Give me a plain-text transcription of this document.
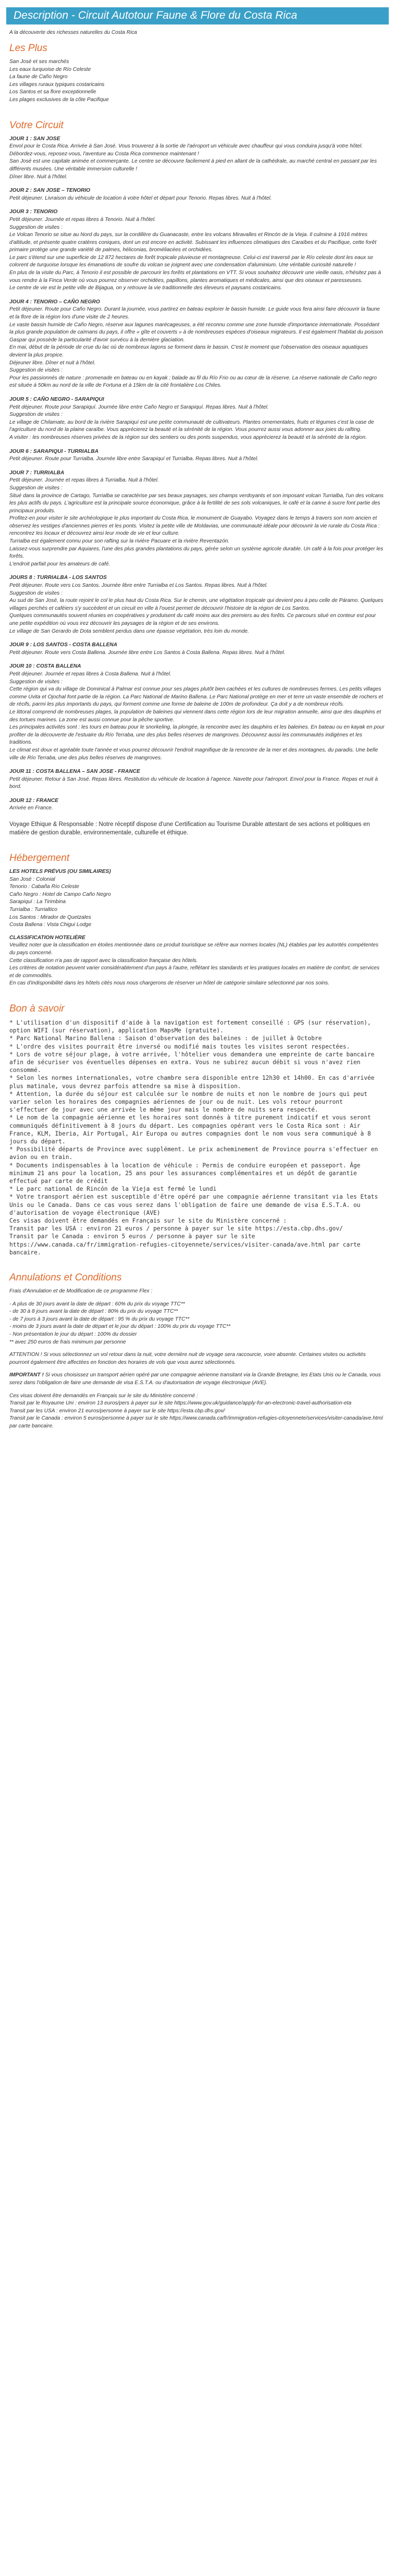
Description - Circuit Autotour Faune & Flore du Costa Rica
A la découverte des richesses naturelles du Costa Rica
Les Plus
San José et ses marchés
Les eaux turquoise de Río Celeste
La faune de Caño Negro
Les villages ruraux typiques costaricains
Los Santos et sa flore exceptionnelle
Les plages exclusives de la côte Pacifique
Votre Circuit
JOUR 1 : SAN JOSE
Envol pour le Costa Rica. Arrivée à San José. Vous trouverez à la sortie de l'aéroport un véhicule avec chauffeur qui vous conduira jusqu'à votre hôtel. Débordez-vous, reposez-vous, l'aventure au Costa Rica commence maintenant !
San José est une capitale animée et commerçante. Le centre se découvre facilement à pied en allant de la cathédrale, au marché central en passant par les différents musées. Une véritable immersion culturelle !
Dîner libre. Nuit à l'hôtel.
JOUR 2 : SAN JOSE – TENORIO
Petit déjeuner. Livraison du véhicule de location à votre hôtel et départ pour Tenorio. Repas libres. Nuit à l'hôtel.
JOUR 3 : TENORIO
Petit déjeuner. Journée et repas libres à Tenorio. Nuit à l'hôtel.
Suggestion de visites :
Le Volcan Tenorio se situe au Nord du pays, sur la cordillère du Guanacaste, entre les volcans Miravalles et Rincón de la Vieja. Il culmine à 1916 mètres d'altitude, et présente quatre cratères coniques, dont un est encore en activité. Subissant les influences climatiques des Caraïbes et du Pacifique, cette forêt primaire protège une grande variété de palmes, héliconias, broméliacées et orchidées.
Le parc s'étend sur une superficie de 12 872 hectares de forêt tropicale pluvieuse et montagneuse. Celui-ci est traversé par le Río celeste dont les eaux se colorent de turquoise lorsque les émanations de soufre du volcan se joignent avec une condensation d'aluminium. Une véritable curiosité naturelle !
En plus de la visite du Parc, à Tenorio il est possible de parcourir les forêts et plantations en VTT. Si vous souhaitez découvrir une vieille oasis, n'hésitez pas à vous rendre à la Finca Verde où vous pourrez observer orchidées, papillons, plantes aromatiques et médicales, ainsi que des oiseaux et paresseuses.
Le centre de vie est le petite ville de Bijagua, on y retrouve la vie traditionnelle des éleveurs et paysans costaricains.
JOUR 4 : TENORIO – CAÑO NEGRO
Petit déjeuner. Route pour Caño Negro. Durant la journée, vous partirez en bateau explorer le bassin humide. Le guide vous fera ainsi faire découvrir la faune et la flore de la région lors d'une visite de 2 heures.
Le vaste bassin humide de Caño Negro, réserve aux lagunes marécageuses, a été reconnu comme une zone humide d'importance internationale. Possédant la plus grande population de caïmans du pays, il offre « gîte et couverts » à de nombreuses espèces d'oiseaux migrateurs. Il est également l'habitat du poisson Gaspar qui possède la particularité d'avoir survécu à la dernière glaciation.
En mai, début de la période de crue du lac où de nombreux lagons se forment dans le bassin. C'est le moment que l'observation des oiseaux aquatiques devient la plus propice.
Déjeuner libre. Dîner et nuit à l'hôtel.
Suggestion de visites :
Pour les passionnés de nature : promenade en bateau ou en kayak ; balade au fil du Río Frio ou au cœur de la réserve. La réserve nationale de Caño negro est située à 50km au nord de la ville de Fortuna et à 15km de la cité frontalière Los Chiles.
JOUR 5 : CAÑO NEGRO - SARAPIQUI
Petit déjeuner. Route pour Sarapiquí. Journée libre entre Caño Negro et Sarapiquí. Repas libres. Nuit à l'hôtel.
Suggestion de visites :
Le village de Chilamate, au bord de la rivière Sarapiquí est une petite communauté de cultivateurs. Plantes ornementales, fruits et légumes c'est la case de l'agriculture du nord de la plaine caraïbe. Vous apprécierez la beauté et la sérénité de la région. Vous pourrez aussi vous adonner aux joies du rafting.
A visiter : les nombreuses réserves privées de la région sur des sentiers ou des ponts suspendus, vous apprécierez la beauté et la sérénité de la région.
JOUR 6 : SARAPIQUI - TURRIALBA
Petit déjeuner. Route pour Turrialba. Journée libre entre Sarapiquí et Turrialba. Repas libres. Nuit à l'hôtel.
JOUR 7 : TURRIALBA
Petit déjeuner. Journée et repas libres à Turrialba. Nuit à l'hôtel.
Suggestion de visites :
Situé dans la province de Cartago, Turrialba se caractérise par ses beaux paysages, ses champs verdoyants et son imposant volcan Turrialba, l'un des volcans les plus actifs du pays. L'agriculture est la principale source économique, grâce à la fertilité de ses sols volcaniques, le café et la canne à sucre font partie des principaux produits.
Profitez-en pour visiter le site archéologique le plus important du Costa Rica, le monument de Guayabo. Voyagez dans le temps à travers son nom ancien et observez les vestiges d'anciennes pierres et les ponts. Visitez la petite ville de Moldavias, une communauté idéale pour découvrir la vie rurale du Costa Rica : rencontrez les locaux et découvrez ainsi leur mode de vie et leur culture.
Turrialba est également connu pour son rafting sur la rivière Pacuare et la rivière Reventazón.
Laissez-vous surprendre par Aquiares, l'une des plus grandes plantations du pays, gérée selon un système agricole durable. Un café à la fois pour protéger les forêts.
L'endroit parfait pour les amateurs de café.
JOURS 8 : TURRIALBA - LOS SANTOS
Petit déjeuner. Route vers Los Santos. Journée libre entre Turrialba et Los Santos. Repas libres. Nuit à l'hôtel.
Suggestion de visites :
Au sud de San José, la route rejoint le col le plus haut du Costa Rica. Sur le chemin, une végétation tropicale qui devient peu à peu celle de Páramo. Quelques villages perchés et caféiers s'y succèdent et un circuit en ville à l'ouest permet de découvrir l'histoire de la région de Los Santos.
Quelques communautés souvent réunies en coopératives y produisent du café moins aux des premiers au des forêts. Ce parcours situé en conteur est pour une petite expédition où vous irez découvrir les paysages de la région et de ses environs.
Le village de San Gerardo de Dota semblent perdus dans une épaisse végétation, très loin du monde.
JOUR 9 : LOS SANTOS - COSTA BALLENA
Petit déjeuner. Route vers Costa Ballena. Journée libre entre Los Santos à Costa Ballena. Repas libres. Nuit à l'hôtel.
JOUR 10 : COSTA BALLENA
Petit déjeuner. Journée et repas libres à Costa Ballena. Nuit à l'hôtel.
Suggestion de visites :
Cette région qui va du village de Dominical à Palmar est connue pour ses plages plutôt bien cachées et les cultures de nombreuses fermes. Les petits villages comme Uvita et Ojochal font partie de la région. La Parc National de Marino Ballena. Le Parc National protège en mer et terre un vaste ensemble de rochers et de récifs, parmi les plus importants du pays, qui forment comme une forme de baleine de 100m de profondeur. Ça doit y a de nombreux récifs.
Le littoral comprend de nombreuses plages, la population de baleines qui viennent dans cette région lors de leur migration annuelle, ainsi que des dauphins et des tortues marines. La zone est aussi connue pour la pêche sportive.
Les principales activités sont : les tours en bateau pour le snorkeling, la plongée, la rencontre avec les dauphins et les baleines. En bateau ou en kayak en pour profiter de la découverte de l'estuaire du Río Terraba, une des plus belles réserves de mangroves. Découvrez aussi les communautés indigènes et les traditions.
Le climat est doux et agréable toute l'année et vous pourrez découvrir l'endroit magnifique de la rencontre de la mer et des montagnes, du paradis. Une belle ville de Río Terraba, une des plus belles réserves de mangroves.
JOUR 11 : COSTA BALLENA – SAN JOSE - FRANCE
Petit déjeuner. Retour à San José. Repas libres. Restitution du véhicule de location à l'agence. Navette pour l'aéroport. Envol pour la France. Repas et nuit à bord.
JOUR 12 : FRANCE
Arrivée en France.
Voyage Ethique & Responsable : Notre réceptif dispose d'une Certification au Tourisme Durable attestant de ses actions et politiques en matière de gestion durable, environnementale, culturelle et éthique.
Hébergement
LES HOTELS PRÉVUS (OU SIMILAIRES)
San José : Colonial
Tenorio : Cabaña Río Celeste
Caño Negro : Hotel de Campo Caño Negro
Sarapiquí : La Tirimbina
Turrialba : Turrialtico
Los Santos : Mirador de Quetzales
Costa Ballena : Vista Chigui Lodge
CLASSIFICATION HOTELIÈRE
Veuillez noter que la classification en étoiles mentionnée dans ce produit touristique se réfère aux normes locales (NL) établies par les autorités compétentes du pays concerné.
Cette classification n'a pas de rapport avec la classification française des hôtels.
Les critères de notation peuvent varier considérablement d'un pays à l'autre, reflétant les standards et les pratiques locales en matière de confort, de services et de commodités.
En cas d'indisponibilité dans les hôtels cités nous nous chargerons de réserver un hôtel de catégorie similaire sélectionné par nos soins.
Bon à savoir
* L'utilisation d'un dispositif d'aide à la navigation est fortement conseillé : GPS (sur réservation), option WIFI (sur réservation), application MapsMe (gratuite).
* Parc National Marino Ballena : Saison d'observation des baleines : de juillet à Octobre
* L'ordre des visites pourrait être inversé ou modifié mais toutes les visites seront respectées.
* Lors de votre séjour plage, à votre arrivée, l'hôtelier vous demandera une empreinte de carte bancaire afin de sécuriser vos éventuelles dépenses en extra. Vous ne subirez aucun débit si vous n'avez rien consommé.
* Selon les normes internationales, votre chambre sera disponible entre 12h30 et 14h00. En cas d'arrivée plus matinale, vous devrez parfois attendre sa mise à disposition.
* Attention, la durée du séjour est calculée sur le nombre de nuits et non le nombre de jours qui peut varier selon les horaires des compagnies aériennes de jour ou de nuit. Les vols retour pourront s'effectuer de jour avec une arrivée le même jour mais le nombre de nuits sera respecté.
* Le nom de la compagnie aérienne et les horaires sont donnés à titre purement indicatif et vous seront communiqués définitivement à 8 jours du départ. Les compagnies opérant vers le Costa Rica sont : Air France, KLM, Iberia, Air Portugal, Air Europa ou autres compagnies dont le nom vous sera communiqué à 8 jours du départ.
* Possibilité départs de Province avec supplément. Le prix acheminement de Province pourra s'effectuer en avion ou en train.
* Documents indispensables à la location de véhicule : Permis de conduire européen et passeport. Âge minimum 21 ans pour la location, 25 ans pour les assurances complémentaires et un dépôt de garantie effectué par carte de crédit
* Le parc national de Rincón de la Vieja est fermé le lundi
* Votre transport aérien est susceptible d'être opéré par une compagnie aérienne transitant via les Etats Unis ou le Canada. Dans ce cas vous serez dans l'obligation de faire une demande de visa E.S.T.A. ou d'autorisation de voyage électronique (AVE)
Ces visas doivent être demandés en Français sur le site du Ministère concerné :
Transit par les USA : environ 21 euros / personne à payer sur le site https://esta.cbp.dhs.gov/
Transit par le Canada : environ 5 euros / personne à payer sur le site
https://www.canada.ca/fr/immigration-refugies-citoyennete/services/visiter-canada/ave.html par carte bancaire.
Annulations et Conditions
Frais d'Annulation et de Modification de ce programme Flex :
- A plus de 30 jours avant la date de départ : 60% du prix du voyage TTC**
- de 30 à 8 jours avant la date de départ : 80% du prix du voyage TTC**
- de 7 jours à 3 jours avant la date de départ : 95 % du prix du voyage TTC**
- moins de 3 jours avant la date de départ et le jour du départ : 100% du prix du voyage TTC**
- Non présentation le jour du départ : 100% du dossier
** avec 250 euros de frais minimum par personne
ATTENTION ! Si vous sélectionnez un vol retour dans la nuit, votre dernière nuit de voyage sera raccourcie, voire absente. Certaines visites ou activités pourront également être affectées en fonction des horaires de vols que vous aurez sélectionnés.
IMPORTANT ! Si vous choisissez un transport aérien opéré par une compagnie aérienne transitant via la Grande Bretagne, les Etats Unis ou le Canada, vous serez dans l'obligation de faire une demande de visa E.S.T.A. ou d'autorisation de voyage électronique (AVE).
Ces visas doivent être demandés en Français sur le site du Ministère concerné :
Transit par le Royaume Uni : environ 13 euros/pers à payer sur le site https://www.gov.uk/guidance/apply-for-an-electronic-travel-authorisation-eta
Transit par les USA : environ 21 euros/personne à payer sur le site https://esta.cbp.dhs.gov/
Transit par le Canada : environ 5 euros/personne à payer sur le site https://www.canada.ca/fr/immigration-refugies-citoyennete/services/visiter-canada/ave.html par carte bancaire.
